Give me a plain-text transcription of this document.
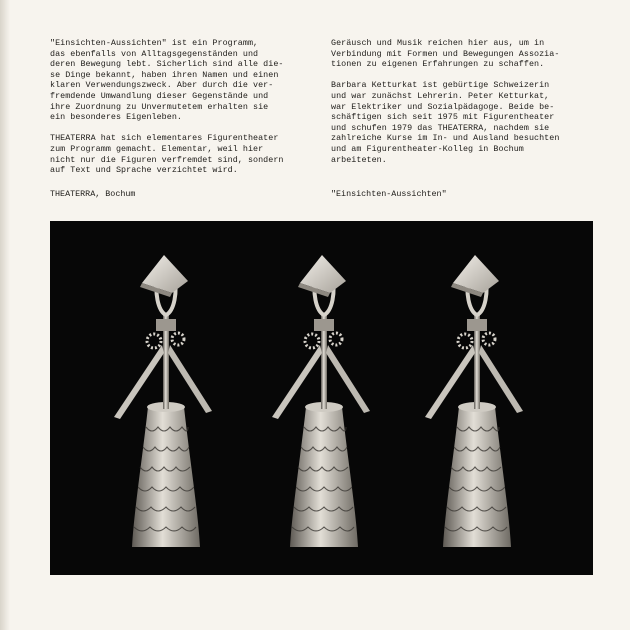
"Einsichten-Aussichten" ist ein Programm,
das ebenfalls von Alltagsgegenständen und
deren Bewegung lebt. Sicherlich sind alle die-
se Dinge bekannt, haben ihren Namen und einen
klaren Verwendungszweck. Aber durch die ver-
fremdende Umwandlung dieser Gegenstände und
ihre Zuordnung zu Unvermutetem erhalten sie
ein besonderes Eigenleben.

THEATERRA hat sich elementares Figurentheater
zum Programm gemacht. Elementar, weil hier
nicht nur die Figuren verfremdet sind, sondern
auf Text und Sprache verzichtet wird.

THEATERRA, Bochum

Geräusch und Musik reichen hier aus, um in
Verbindung mit Formen und Bewegungen Assozia-
tionen zu eigenen Erfahrungen zu schaffen.

Barbara Ketturkat ist gebürtige Schweizerin
und war zunächst Lehrerin. Peter Ketturkat,
war Elektriker und Sozialpädagoge. Beide be-
schäftigen sich seit 1975 mit Figurentheater
und schufen 1979 das THEATERRA, nachdem sie
zahlreiche Kurse im In- und Ausland besuchten
und am Figurentheater-Kolleg in Bochum
arbeiteten.

"Einsichten-Aussichten"
